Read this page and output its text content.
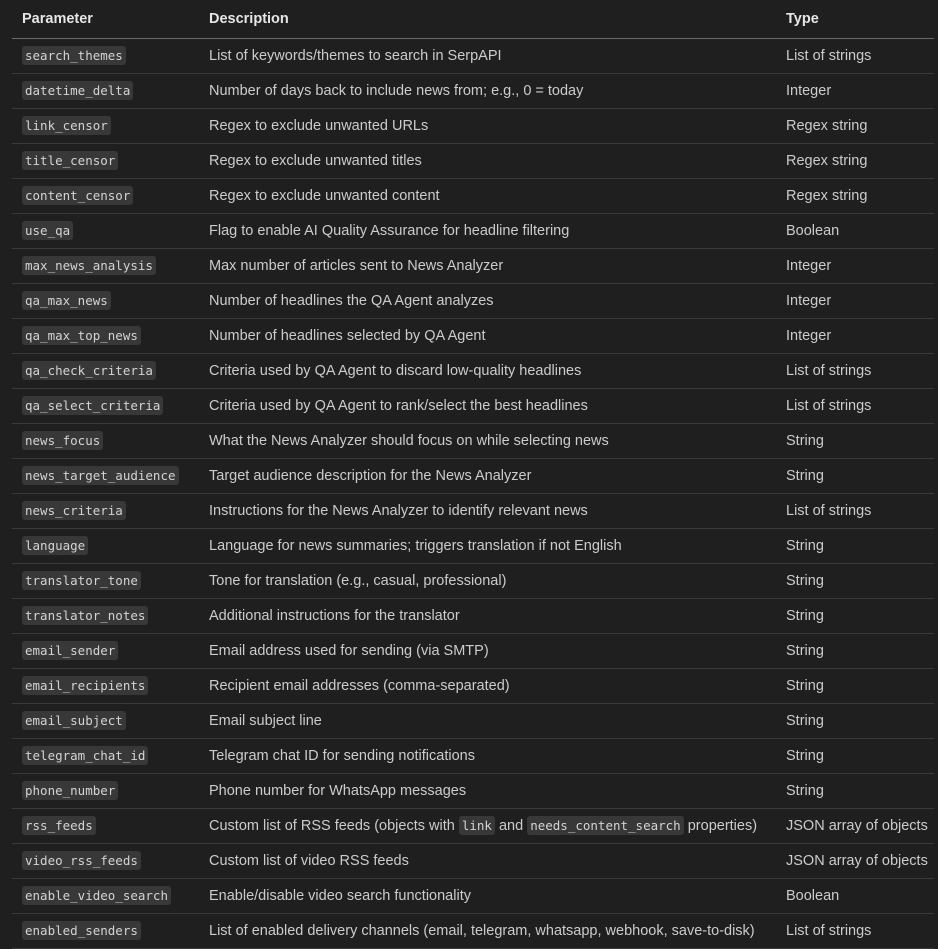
Parameter	Description	Type
search_themes	List of keywords/themes to search in SerpAPI	List of strings
datetime_delta	Number of days back to include news from; e.g., 0 = today	Integer
link_censor	Regex to exclude unwanted URLs	Regex string
title_censor	Regex to exclude unwanted titles	Regex string
content_censor	Regex to exclude unwanted content	Regex string
use_qa	Flag to enable AI Quality Assurance for headline filtering	Boolean
max_news_analysis	Max number of articles sent to News Analyzer	Integer
qa_max_news	Number of headlines the QA Agent analyzes	Integer
qa_max_top_news	Number of headlines selected by QA Agent	Integer
qa_check_criteria	Criteria used by QA Agent to discard low-quality headlines	List of strings
qa_select_criteria	Criteria used by QA Agent to rank/select the best headlines	List of strings
news_focus	What the News Analyzer should focus on while selecting news	String
news_target_audience	Target audience description for the News Analyzer	String
news_criteria	Instructions for the News Analyzer to identify relevant news	List of strings
language	Language for news summaries; triggers translation if not English	String
translator_tone	Tone for translation (e.g., casual, professional)	String
translator_notes	Additional instructions for the translator	String
email_sender	Email address used for sending (via SMTP)	String
email_recipients	Recipient email addresses (comma-separated)	String
email_subject	Email subject line	String
telegram_chat_id	Telegram chat ID for sending notifications	String
phone_number	Phone number for WhatsApp messages	String
rss_feeds	Custom list of RSS feeds (objects with link and needs_content_search properties)	JSON array of objects
video_rss_feeds	Custom list of video RSS feeds	JSON array of objects
enable_video_search	Enable/disable video search functionality	Boolean
enabled_senders	List of enabled delivery channels (email, telegram, whatsapp, webhook, save-to-disk)	List of strings
